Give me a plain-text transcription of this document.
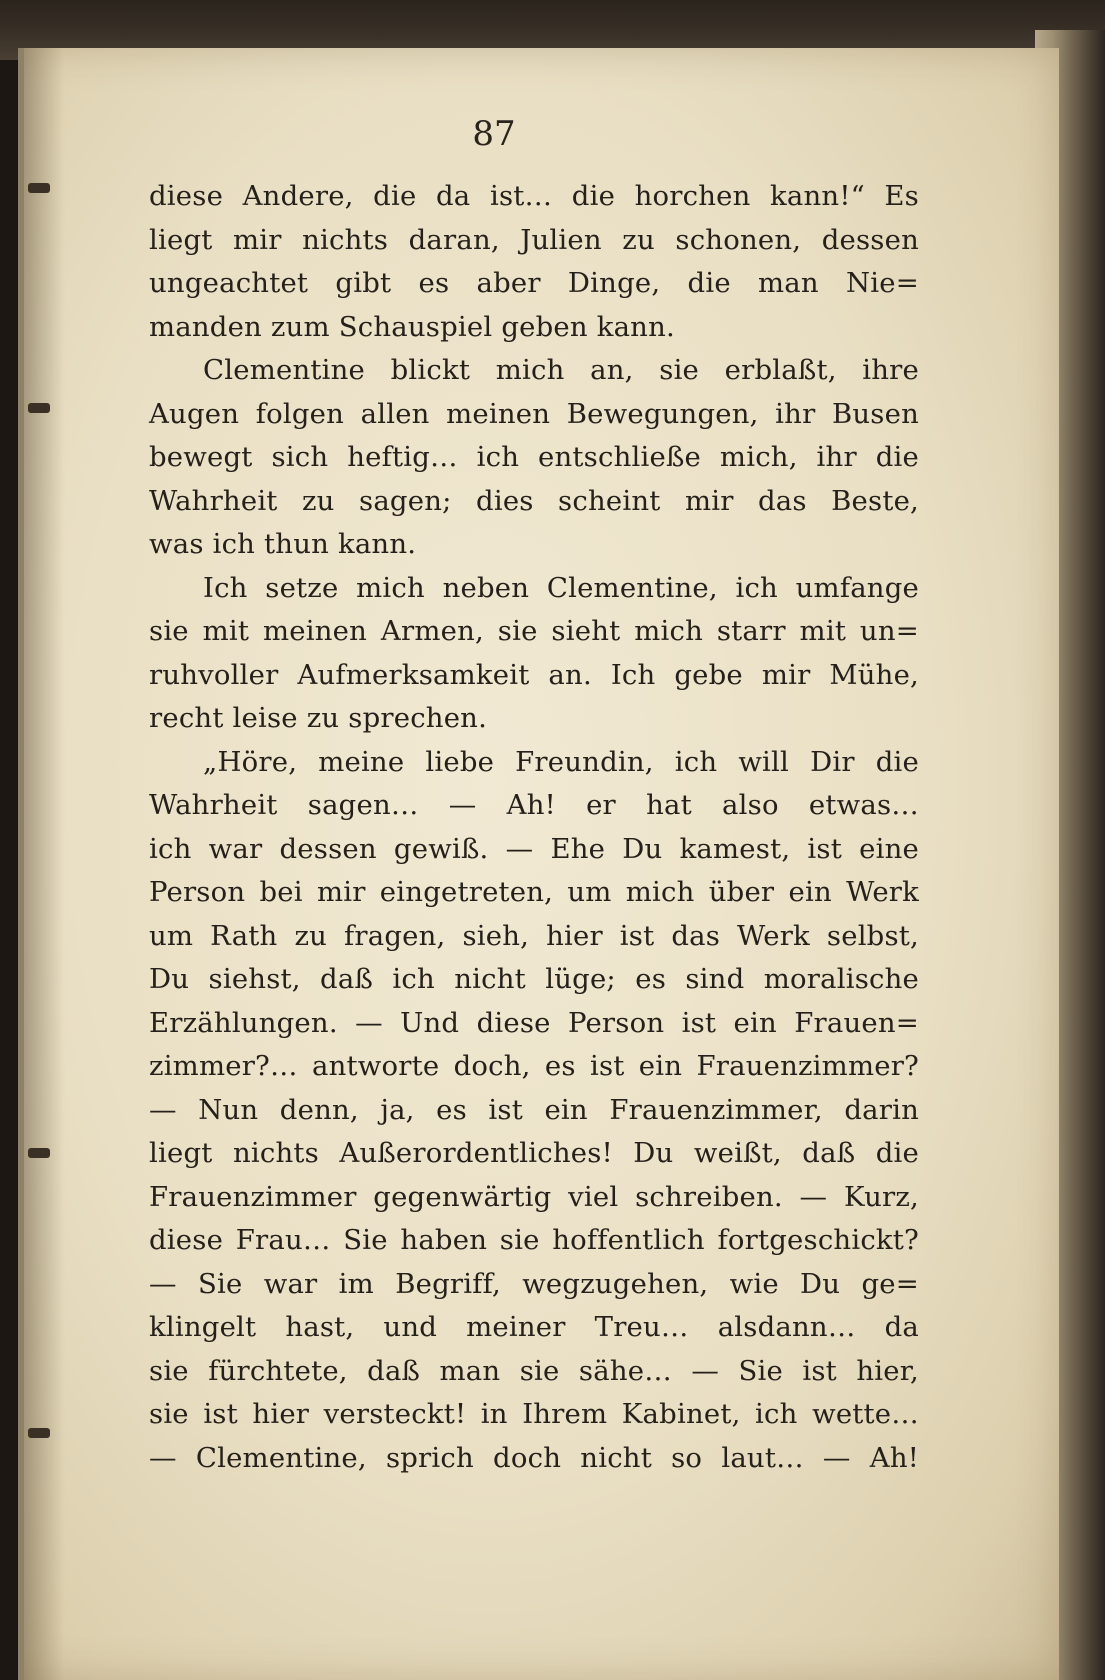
87
diese Andere, die da ist… die horchen kann!“ Es
liegt mir nichts daran, Julien zu schonen, dessen
ungeachtet gibt es aber Dinge, die man Nie=
manden zum Schauspiel geben kann.
Clementine blickt mich an, sie erblaßt, ihre
Augen folgen allen meinen Bewegungen, ihr Busen
bewegt sich heftig… ich entschließe mich, ihr die
Wahrheit zu sagen; dies scheint mir das Beste,
was ich thun kann.
Ich setze mich neben Clementine, ich umfange
sie mit meinen Armen, sie sieht mich starr mit un=
ruhvoller Aufmerksamkeit an. Ich gebe mir Mühe,
recht leise zu sprechen.
„Höre, meine liebe Freundin, ich will Dir die
Wahrheit sagen… — Ah! er hat also etwas…
ich war dessen gewiß. — Ehe Du kamest, ist eine
Person bei mir eingetreten, um mich über ein Werk
um Rath zu fragen, sieh, hier ist das Werk selbst,
Du siehst, daß ich nicht lüge; es sind moralische
Erzählungen. — Und diese Person ist ein Frauen=
zimmer?… antworte doch, es ist ein Frauenzimmer?
— Nun denn, ja, es ist ein Frauenzimmer, darin
liegt nichts Außerordentliches! Du weißt, daß die
Frauenzimmer gegenwärtig viel schreiben. — Kurz,
diese Frau… Sie haben sie hoffentlich fortgeschickt?
— Sie war im Begriff, wegzugehen, wie Du ge=
klingelt hast, und meiner Treu… alsdann… da
sie fürchtete, daß man sie sähe… — Sie ist hier,
sie ist hier versteckt! in Ihrem Kabinet, ich wette…
— Clementine, sprich doch nicht so laut… — Ah!
